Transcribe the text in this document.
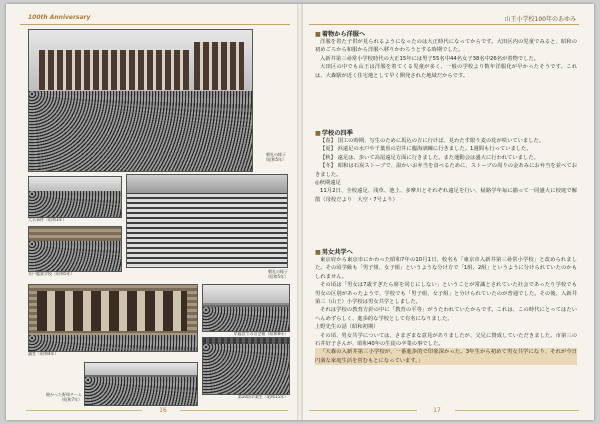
100th Anniversary
朝礼の様子
（昭和5年）
大名事件（昭和3年）
水戸鑑賞学校（昭和5年）	朝礼の様子
（昭和5年）
講堂（昭和4年）
岸藤宮での宣会報（昭和8年）
焼かった野球チーム
（昭和7年）
第10回卒業生（昭和15年）
16
山王小学校100年のあゆみ
■着物から洋服へ

洋服を着た子供が見られるようになったのは大正時代になってからです。大田区内の児童でみると、昭和の初めごろから和服から洋服へ移りかわろうとする時期でした。

入新井第三尋常小学校時代の大正15年には男子55名中44名女子38名中26名が着物でした。

大田区の中でも山王は洋服を着てくる児童が多く、一般の学校より数年洋服化が早かったそうです。これは、大森駅が近く住宅地として早く開発された地域だからです。

■学校の四季

【春】 国工の時期、写生のために馬込の方に行けば、見わたす限り麦の花が咲いていました。

【夏】 浜遠足の水戸や千葉県の岩井に臨海訓練に行きました。1週間も行っていました。

【秋】 遠足は、歩いて高尾遠足方面に行きました。また運動会は盛大に行われていました。

【冬】 昭和は石炭ストーブで、温かいお弁当を食べるために、ストーブの周りの金あみにお弁当を並べておきました。

◎秋期遠足

11月2日、全校遠足、浅草、池上、多摩川とそれぞれ遠足を行い、帰路学年毎に揃って一同盛大に校庭で解散（母校だより　大空・7号より）

■男女共学へ

東京府から東京市にかわった昭和7年の10月1日、校名も「東京市入新井第三尋常小学校」と改められました。その頃学級も「男子組、女子組」というような分け方で「1組、2組」というように分けられていたのかもしれません。

その頃は「男女は7歳すぎたら席を同じにしない」ということが常識とされていた社会であったり学校でも男女の区別があったようで、学校でも「男子組、女子組」と分けられていたのが普通でした。その後、入新井第三（山王）小学校は男女共学としました。

それは学校の教育方針の中に「教育の平等」がうたわれていたからです。これは、この時代にとってはたいへんめずらしく、進歩的な学校として有名になりました。

上野先生の話（昭和初期）

その頃、男女共学については、さまざまな意見がありましたが、父兄に賛成していただきました。市第三の石井好子さんが、昭和40年の生徒の卒業の事でした。

「大森の入新井第三小学校が、一番進歩的で印象深かった。3年生から初めて男女共学になり、それが今日円満な家庭生活を営むもとになっています。」

17
